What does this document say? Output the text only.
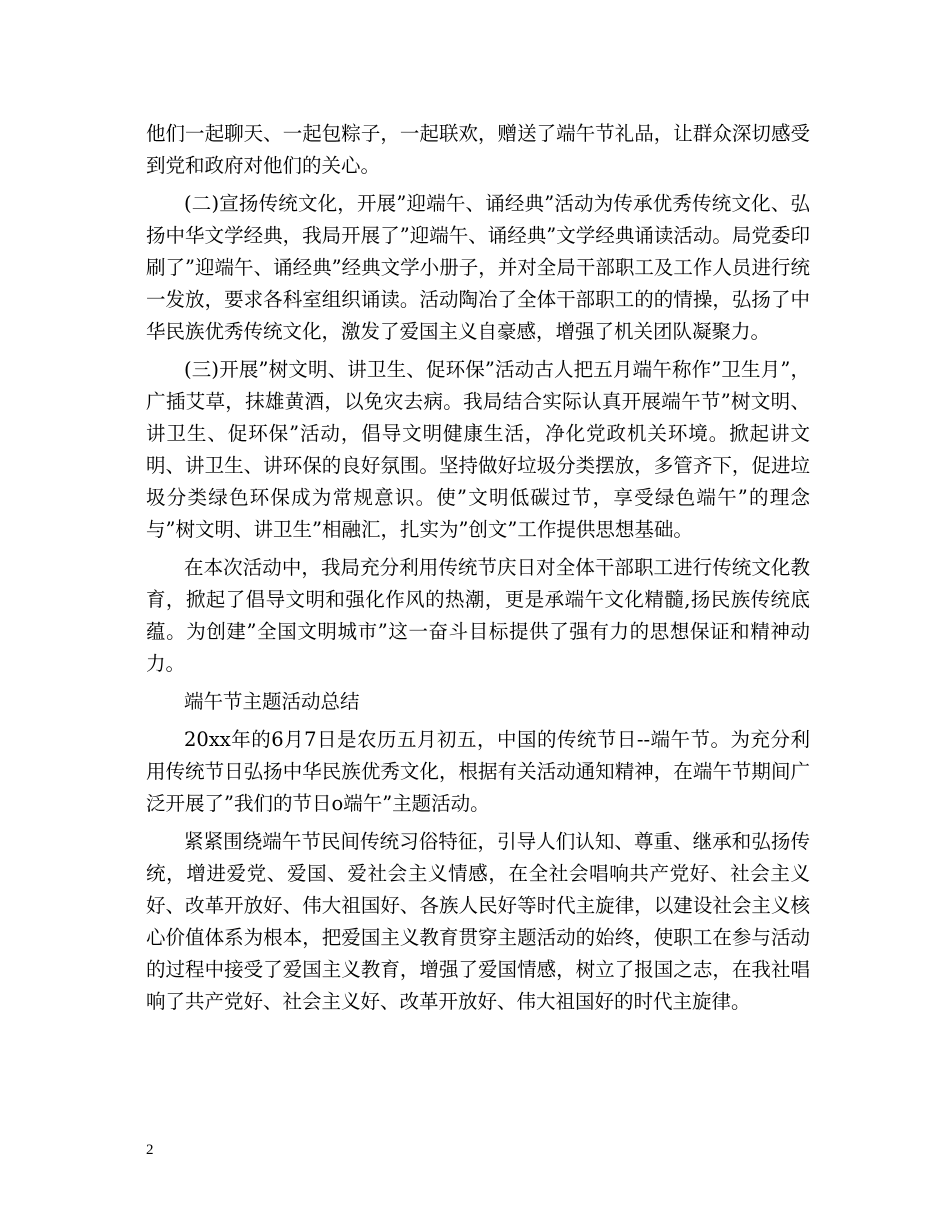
他们一起聊天、一起包粽子，一起联欢，赠送了端午节礼品，让群众深切感受到党和政府对他们的关心。

(二)宣扬传统文化，开展”迎端午、诵经典”活动为传承优秀传统文化、弘扬中华文学经典，我局开展了”迎端午、诵经典”文学经典诵读活动。局党委印刷了”迎端午、诵经典”经典文学小册子，并对全局干部职工及工作人员进行统一发放，要求各科室组织诵读。活动陶冶了全体干部职工的的情操，弘扬了中华民族优秀传统文化，激发了爱国主义自豪感，增强了机关团队凝聚力。

(三)开展”树文明、讲卫生、促环保”活动古人把五月端午称作”卫生月”，广插艾草，抹雄黄酒，以免灾去病。我局结合实际认真开展端午节”树文明、讲卫生、促环保”活动，倡导文明健康生活，净化党政机关环境。掀起讲文明、讲卫生、讲环保的良好氛围。坚持做好垃圾分类摆放，多管齐下，促进垃圾分类绿色环保成为常规意识。使”文明低碳过节，享受绿色端午”的理念与”树文明、讲卫生”相融汇，扎实为”创文”工作提供思想基础。

在本次活动中，我局充分利用传统节庆日对全体干部职工进行传统文化教育，掀起了倡导文明和强化作风的热潮，更是承端午文化精髓,扬民族传统底蕴。为创建”全国文明城市”这一奋斗目标提供了强有力的思想保证和精神动力。

端午节主题活动总结

20xx年的6月7日是农历五月初五，中国的传统节日--端午节。为充分利用传统节日弘扬中华民族优秀文化，根据有关活动通知精神，在端午节期间广泛开展了”我们的节日ο端午”主题活动。

紧紧围绕端午节民间传统习俗特征，引导人们认知、尊重、继承和弘扬传统，增进爱党、爱国、爱社会主义情感，在全社会唱响共产党好、社会主义好、改革开放好、伟大祖国好、各族人民好等时代主旋律，以建设社会主义核心价值体系为根本，把爱国主义教育贯穿主题活动的始终，使职工在参与活动的过程中接受了爱国主义教育，增强了爱国情感，树立了报国之志，在我社唱响了共产党好、社会主义好、改革开放好、伟大祖国好的时代主旋律。

2
